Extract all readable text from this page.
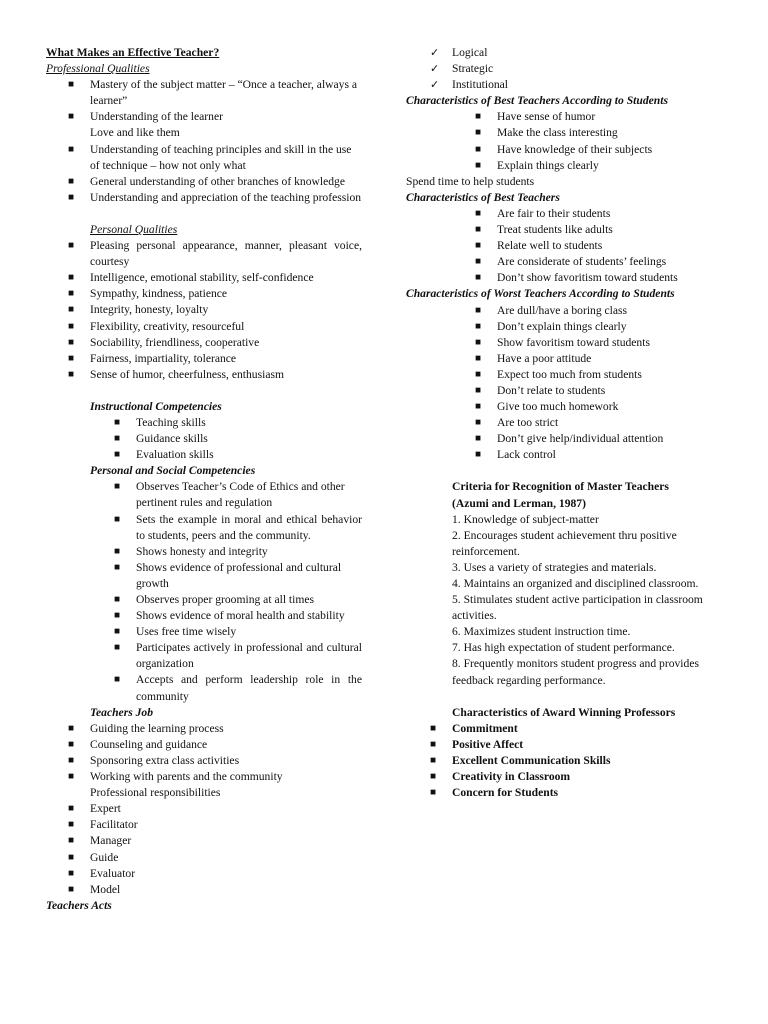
What Makes an Effective Teacher?
Professional Qualities
■ Mastery of the subject matter – “Once a teacher, always a learner”
■ Understanding of the learner
Love and like them
■ Understanding of teaching principles and skill in the use of technique – how not only what
■ General understanding of other branches of knowledge
■ Understanding and appreciation of the teaching profession
Personal Qualities
■ Pleasing personal appearance, manner, pleasant voice, courtesy
■ Intelligence, emotional stability, self-confidence
■ Sympathy, kindness, patience
■ Integrity, honesty, loyalty
■ Flexibility, creativity, resourceful
■ Sociability, friendliness, cooperative
■ Fairness, impartiality, tolerance
■ Sense of humor, cheerfulness, enthusiasm
Instructional Competencies
■ Teaching skills
■ Guidance skills
■ Evaluation skills
Personal and Social Competencies
■ Observes Teacher’s Code of Ethics and other pertinent rules and regulation
■ Sets the example in moral and ethical behavior to students, peers and the community.
■ Shows honesty and integrity
■ Shows evidence of professional and cultural growth
■ Observes proper grooming at all times
■ Shows evidence of moral health and stability
■ Uses free time wisely
■ Participates actively in professional and cultural organization
■ Accepts and perform leadership role in the community
Teachers Job
■ Guiding the learning process
■ Counseling and guidance
■ Sponsoring extra class activities
■ Working with parents and the community
Professional responsibilities
■ Expert
■ Facilitator
■ Manager
■ Guide
■ Evaluator
■ Model
Teachers Acts
✓ Logical
✓ Strategic
✓ Institutional
Characteristics of Best Teachers According to Students
■ Have sense of humor
■ Make the class interesting
■ Have knowledge of their subjects
■ Explain things clearly
Spend time to help students
Characteristics of Best Teachers
■ Are fair to their students
■ Treat students like adults
■ Relate well to students
■ Are considerate of students’ feelings
■ Don’t show favoritism toward students
Characteristics of Worst Teachers According to Students
■ Are dull/have a boring class
■ Don’t explain things clearly
■ Show favoritism toward students
■ Have a poor attitude
■ Expect too much from students
■ Don’t relate to students
■ Give too much homework
■ Are too strict
■ Don’t give help/individual attention
■ Lack control
Criteria for Recognition of Master Teachers
(Azumi and Lerman, 1987)
1. Knowledge of subject-matter
2. Encourages student achievement thru positive reinforcement.
3. Uses a variety of strategies and materials.
4. Maintains an organized and disciplined classroom.
5. Stimulates student active participation in classroom activities.
6. Maximizes student instruction time.
7. Has high expectation of student performance.
8. Frequently monitors student progress and provides feedback regarding performance.
Characteristics of Award Winning Professors
■ Commitment
■ Positive Affect
■ Excellent Communication Skills
■ Creativity in Classroom
■ Concern for Students
